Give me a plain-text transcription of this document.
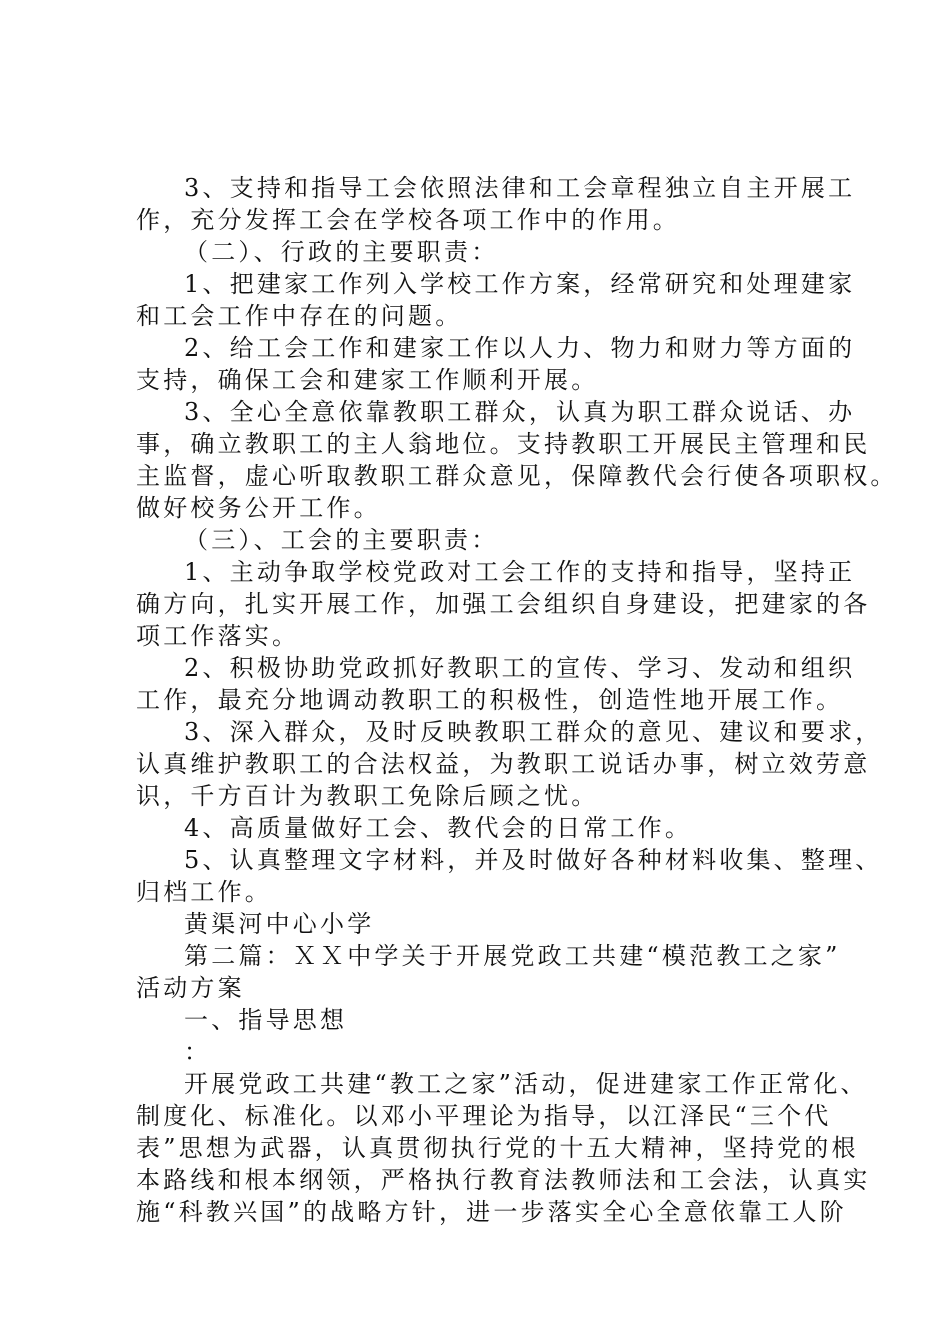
3、支持和指导工会依照法律和工会章程独立自主开展工
作，充分发挥工会在学校各项工作中的作用。
（二）、行政的主要职责：
1、把建家工作列入学校工作方案，经常研究和处理建家
和工会工作中存在的问题。
2、给工会工作和建家工作以人力、物力和财力等方面的
支持，确保工会和建家工作顺利开展。
3、全心全意依靠教职工群众，认真为职工群众说话、办
事，确立教职工的主人翁地位。支持教职工开展民主管理和民
主监督，虚心听取教职工群众意见，保障教代会行使各项职权。
做好校务公开工作。
（三）、工会的主要职责：
1、主动争取学校党政对工会工作的支持和指导，坚持正
确方向，扎实开展工作，加强工会组织自身建设，把建家的各
项工作落实。
2、积极协助党政抓好教职工的宣传、学习、发动和组织
工作，最充分地调动教职工的积极性，创造性地开展工作。
3、深入群众，及时反映教职工群众的意见、建议和要求，
认真维护教职工的合法权益，为教职工说话办事，树立效劳意
识，千方百计为教职工免除后顾之忧。
4、高质量做好工会、教代会的日常工作。
5、认真整理文字材料，并及时做好各种材料收集、整理、
归档工作。
黄渠河中心小学
第二篇：ＸＸ中学关于开展党政工共建“模范教工之家”
活动方案
一、指导思想
：
开展党政工共建“教工之家”活动，促进建家工作正常化、
制度化、标准化。以邓小平理论为指导，以江泽民“三个代
表”思想为武器，认真贯彻执行党的十五大精神，坚持党的根
本路线和根本纲领，严格执行教育法教师法和工会法，认真实
施“科教兴国”的战略方针，进一步落实全心全意依靠工人阶
